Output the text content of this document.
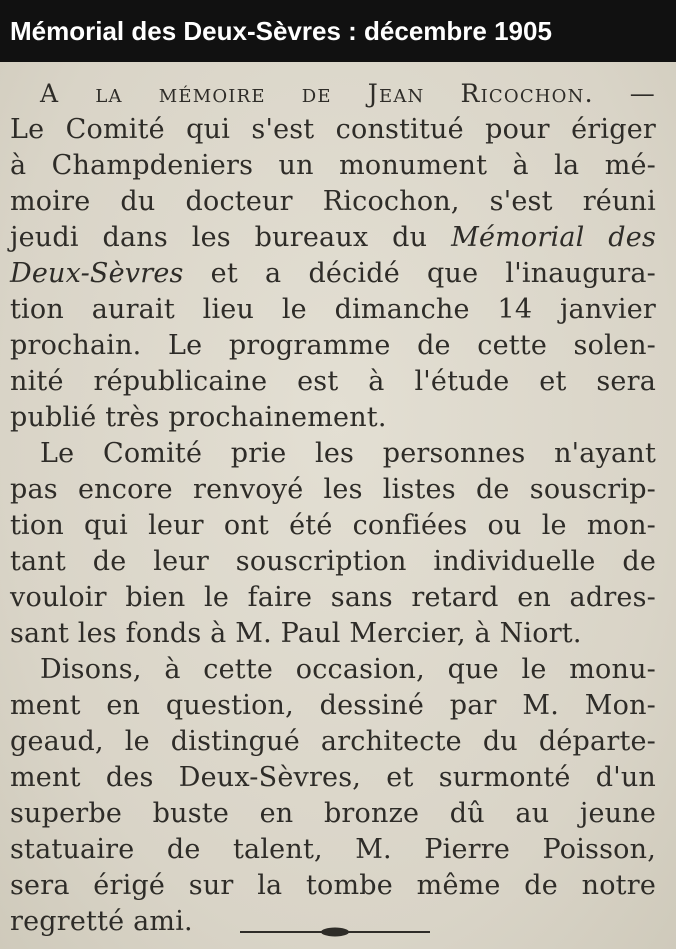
Mémorial des Deux-Sèvres : décembre 1905
A la mémoire de Jean Ricochon. —
Le Comité qui s'est constitué pour ériger
à Champdeniers un monument à la mé-
moire du docteur Ricochon, s'est réuni
jeudi dans les bureaux du Mémorial des
Deux-Sèvres et a décidé que l'inaugura-
tion aurait lieu le dimanche 14 janvier
prochain. Le programme de cette solen-
nité républicaine est à l'étude et sera
publié très prochainement.
Le Comité prie les personnes n'ayant
pas encore renvoyé les listes de souscrip-
tion qui leur ont été confiées ou le mon-
tant de leur souscription individuelle de
vouloir bien le faire sans retard en adres-
sant les fonds à M. Paul Mercier, à Niort.
Disons, à cette occasion, que le monu-
ment en question, dessiné par M. Mon-
geaud, le distingué architecte du départe-
ment des Deux-Sèvres, et surmonté d'un
superbe buste en bronze dû au jeune
statuaire de talent, M. Pierre Poisson,
sera érigé sur la tombe même de notre
regretté ami.
